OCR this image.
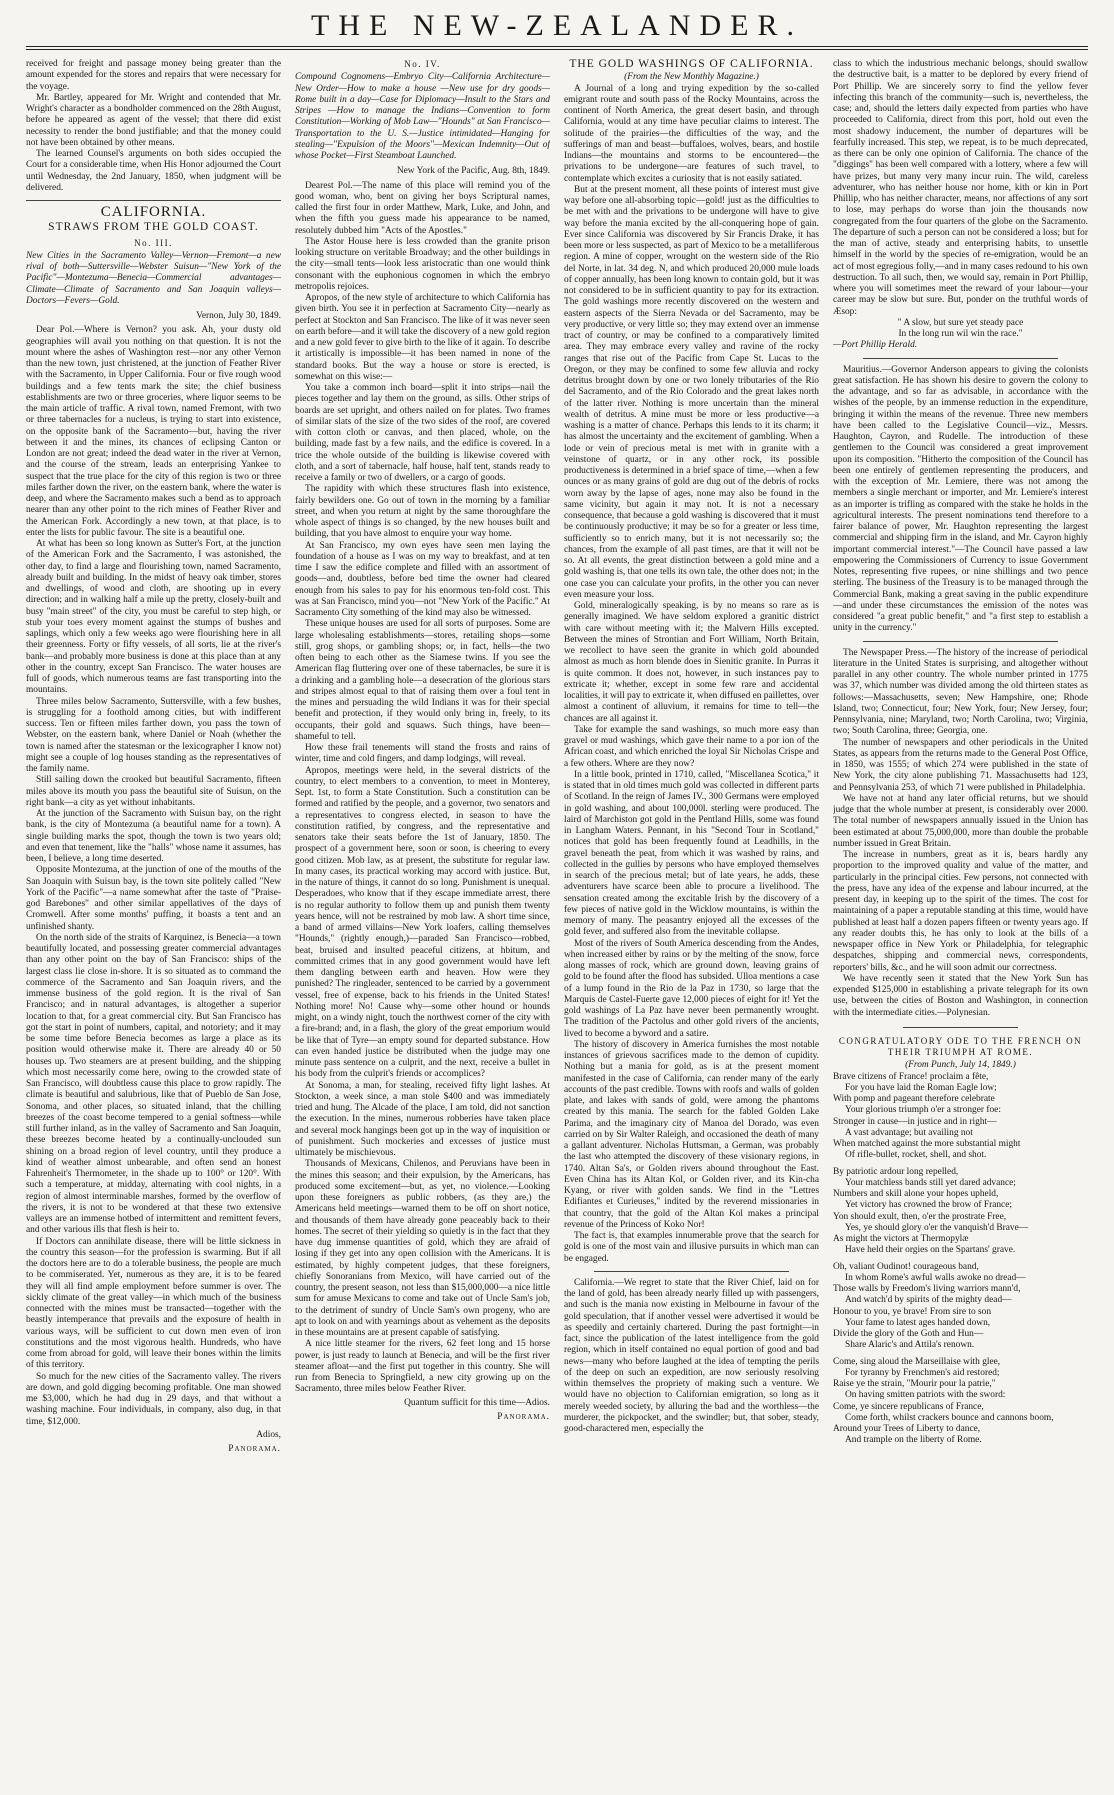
THE NEW-ZEALANDER.

received for freight and passage money being greater than the amount expended for the stores and repairs that were necessary for the voyage.

Mr. Bartley, appeared for Mr. Wright and contended that Mr. Wright's character as a bondholder commenced on the 28th August, before he appeared as agent of the vessel; that there did exist necessity to render the bond justifiable; and that the money could not have been obtained by other means.

The learned Counsel's arguments on both sides occupied the Court for a considerable time, when His Honor adjourned the Court until Wednesday, the 2nd January, 1850, when judgment will be delivered.

CALIFORNIA.
STRAWS FROM THE GOLD COAST.
No. III.

New Cities in the Sacramento Valley—Vernon—Fremont—a new rival of both—Suttersville—Webster Suisun—"New York of the Pacific"—Montezuma—Benecia—Commercial advantages—Climate—Climate of Sacramento and San Joaquin valleys—Doctors—Fevers—Gold.

Vernon, July 30, 1849.

Dear Pol.—Where is Vernon? you ask. Ah, your dusty old geographies will avail you nothing on that question. It is not the mount where the ashes of Washington rest—nor any other Vernon than the new town, just christened, at the junction of Feather River with the Sacramento, in Upper California. Four or five rough wood buildings and a few tents mark the site; the chief business establishments are two or three groceries, where liquor seems to be the main article of traffic. A rival town, named Fremont, with two or three tabernacles for a nucleus, is trying to start into existence, on the opposite bank of the Sacramento—but, having the river between it and the mines, its chances of eclipsing Canton or London are not great; indeed the dead water in the river at Vernon, and the course of the stream, leads an enterprising Yankee to suspect that the true place for the city of this region is two or three miles farther down the river, on the eastern bank, where the water is deep, and where the Sacramento makes such a bend as to approach nearer than any other point to the rich mines of Feather River and the American Fork. Accordingly a new town, at that place, is to enter the lists for public favour. The site is a beautiful one.

At what has been so long known as Sutter's Fort, at the junction of the American Fork and the Sacramento, I was astonished, the other day, to find a large and flourishing town, named Sacramento, already built and building. In the midst of heavy oak timber, stores and dwellings, of wood and cloth, are shooting up in every direction; and in walking half a mile up the pretty, closely-built and busy "main street" of the city, you must be careful to step high, or stub your toes every moment against the stumps of bushes and saplings, which only a few weeks ago were flourishing here in all their greenness. Forty or fifty vessels, of all sorts, lie at the river's bank—and probably more business is done at this place than at any other in the country, except San Francisco. The water houses are full of goods, which numerous teams are fast transporting into the mountains.

Three miles below Sacramento, Suttersville, with a few bushes, is struggling for a foothold among cities, but with indifferent success. Ten or fifteen miles farther down, you pass the town of Webster, on the eastern bank, where Daniel or Noah (whether the town is named after the statesman or the lexicographer I know not) might see a couple of log houses standing as the representatives of the family name.

Still sailing down the crooked but beautiful Sacramento, fifteen miles above its mouth you pass the beautiful site of Suisun, on the right bank—a city as yet without inhabitants.

At the junction of the Sacramento with Suisun bay, on the right bank, is the city of Montezuma (a beautiful name for a town). A single building marks the spot, though the town is two years old; and even that tenement, like the "halls" whose name it assumes, has been, I believe, a long time deserted.

Opposite Montezuma, at the junction of one of the mouths of the San Joaquin with Suisun bay, is the town site politely called "New York of the Pacific"—a name somewhat after the taste of "Praise-god Barebones" and other similar appellatives of the days of Cromwell. After some months' puffing, it boasts a tent and an unfinished shanty.

On the north side of the straits of Karquinez, is Benecia—a town beautifully located, and possessing greater commercial advantages than any other point on the bay of San Francisco: ships of the largest class lie close in-shore. It is so situated as to command the commerce of the Sacramento and San Joaquin rivers, and the immense business of the gold region. It is the rival of San Francisco; and in natural advantages, is altogether a superior location to that, for a great commercial city. But San Francisco has got the start in point of numbers, capital, and notoriety; and it may be some time before Benecia becomes as large a place as its position would otherwise make it. There are already 40 or 50 houses up. Two steamers are at present building, and the shipping which most necessarily come here, owing to the crowded state of San Francisco, will doubtless cause this place to grow rapidly. The climate is beautiful and salubrious, like that of Pueblo de San Jose, Sonoma, and other places, so situated inland, that the chilling breezes of the coast become tempered to a genial softness—while still further inland, as in the valley of Sacramento and San Joaquin, these breezes become heated by a continually-unclouded sun shining on a broad region of level country, until they produce a kind of weather almost unbearable, and often send an honest Fahrenheit's Thermometer, in the shade up to 100° or 120°. With such a temperature, at midday, alternating with cool nights, in a region of almost interminable marshes, formed by the overflow of the rivers, it is not to be wondered at that these two extensive valleys are an immense hotbed of intermittent and remittent fevers, and other various ills that flesh is heir to.

If Doctors can annihilate disease, there will be little sickness in the country this season—for the profession is swarming. But if all the doctors here are to do a tolerable business, the people are much to be commiserated. Yet, numerous as they are, it is to be feared they will all find ample employment before summer is over. The sickly climate of the great valley—in which much of the business connected with the mines must be transacted—together with the beastly intemperance that prevails and the exposure of health in various ways, will be sufficient to cut down men even of iron constitutions and the most vigorous health. Hundreds, who have come from abroad for gold, will leave their bones within the limits of this territory.

So much for the new cities of the Sacramento valley. The rivers are down, and gold digging becoming profitable. One man showed me $3,000, which he had dug in 29 days, and that without a washing machine. Four individuals, in company, also dug, in that time, $12,000.

Adios,

Panorama.

No. IV.

Compound Cognomens—Embryo City—California Architecture—New Order—How to make a house —New use for dry goods—Rome built in a day—Case for Diplomacy—Insult to the Stars and Stripes —How to manage the Indians—Convention to form Constitution—Working of Mob Law—"Hounds" at San Francisco—Transportation to the U. S.—Justice intimidated—Hanging for stealing—"Expulsion of the Moors"—Mexican Indemnity—Out of whose Pocket—First Steamboat Launched.

New York of the Pacific, Aug. 8th, 1849.

Dearest Pol.—The name of this place will remind you of the good woman, who, bent on giving her boys Scriptural names, called the first four in order Matthew, Mark, Luke, and John, and when the fifth you guess made his appearance to be named, resolutely dubbed him "Acts of the Apostles."

The Astor House here is less crowded than the granite prison looking structure on veritable Broadway; and the other buildings in the city—small tents—look less aristocratic than one would think consonant with the euphonious cognomen in which the embryo metropolis rejoices.

Apropos, of the new style of architecture to which California has given birth. You see it in perfection at Sacramento City—nearly as perfect at Stockton and San Francisco. The like of it was never seen on earth before—and it will take the discovery of a new gold region and a new gold fever to give birth to the like of it again. To describe it artistically is impossible—it has been named in none of the standard books. But the way a house or store is erected, is somewhat on this wise:—

You take a common inch board—split it into strips—nail the pieces together and lay them on the ground, as sills. Other strips of boards are set upright, and others nailed on for plates. Two frames of similar slats of the size of the two sides of the roof, are covered with cotton cloth or canvas, and then placed, whole, on the building, made fast by a few nails, and the edifice is covered. In a trice the whole outside of the building is likewise covered with cloth, and a sort of tabernacle, half house, half tent, stands ready to receive a family or two of dwellers, or a cargo of goods.

The rapidity with which these structures flash into existence, fairly bewilders one. Go out of town in the morning by a familiar street, and when you return at night by the same thoroughfare the whole aspect of things is so changed, by the new houses built and building, that you have almost to enquire your way home.

At San Francisco, my own eyes have seen men laying the foundation of a house as I was on my way to breakfast, and at ten time I saw the edifice complete and filled with an assortment of goods—and, doubtless, before bed time the owner had cleared enough from his sales to pay for his enormous ten-fold cost. This was at San Francisco, mind you—not "New York of the Pacific." At Sacramento City something of the kind may also be witnessed.

These unique houses are used for all sorts of purposes. Some are large wholesaling establishments—stores, retailing shops—some still, grog shops, or gambling shops; or, in fact, hells—the two often being to each other as the Siamese twins. If you see the American flag fluttering over one of these tabernacles, be sure it is a drinking and a gambling hole—a desecration of the glorious stars and stripes almost equal to that of raising them over a foul tent in the mines and persuading the wild Indians it was for their special benefit and protection, if they would only bring in, freely, to its occupants, their gold and squaws. Such things, have been—shameful to tell.

How these frail tenements will stand the frosts and rains of winter, time and cold fingers, and damp lodgings, will reveal.

Apropos, meetings were held, in the several districts of the country, to elect members to a convention, to meet in Monterey, Sept. 1st, to form a State Constitution. Such a constitution can be formed and ratified by the people, and a governor, two senators and a representatives to congress elected, in season to have the constitution ratified, by congress, and the representative and senators take their seats before the 1st of January, 1850. The prospect of a government here, soon or soon, is cheering to every good citizen. Mob law, as at present, the substitute for regular law. In many cases, its practical working may accord with justice. But, in the nature of things, it cannot do so long. Punishment is unequal. Desperadoes, who know that if they escape immediate arrest, there is no regular authority to follow them up and punish them twenty years hence, will not be restrained by mob law. A short time since, a band of armed villains—New York loafers, calling themselves "Hounds," (rightly enough,)—paraded San Francisco—robbed, beat, bruised and insulted peaceful citizens, at hbitum, and committed crimes that in any good government would have left them dangling between earth and heaven. How were they punished? The ringleader, sentenced to be carried by a government vessel, free of expense, back to his friends in the United States! Nothing more! No! Cause why—some other hound or hounds might, on a windy night, touch the northwest corner of the city with a fire-brand; and, in a flash, the glory of the great emporium would be like that of Tyre—an empty sound for departed substance. How can even handed justice be distributed when the judge may one minute pass sentence on a culprit, and the next, receive a bullet in his body from the culprit's friends or accomplices?

At Sonoma, a man, for stealing, received fifty light lashes. At Stockton, a week since, a man stole $400 and was immediately tried and hung. The Alcade of the place, I am told, did not sanction the execution. In the mines, numerous robberies have taken place and several mock hangings been got up in the way of inquisition or of punishment. Such mockeries and excesses of justice must ultimately be mischievous.

Thousands of Mexicans, Chilenos, and Peruvians have been in the mines this season; and their expulsion, by the Americans, has produced some excitement—but, as yet, no violence.—Looking upon these foreigners as public robbers, (as they are,) the Americans held meetings—warned them to be off on short notice, and thousands of them have already gone peaceably back to their homes. The secret of their yielding so quietly is in the fact that they have dug immense quantities of gold, which they are afraid of losing if they get into any open collision with the Americans. It is estimated, by highly competent judges, that these foreigners, chiefly Sonoranians from Mexico, will have carried out of the country, the present season, not less than $15,000,000—a nice little sum for amuse Mexicans to come and take out of Uncle Sam's job, to the detriment of sundry of Uncle Sam's own progeny, who are apt to look on and with yearnings about as vehement as the deposits in these mountains are at present capable of satisfying.

A nice little steamer for the rivers, 62 feet long and 15 horse power, is just ready to launch at Benecia, and will be the first river steamer afloat—and the first put together in this country. She will run from Benecia to Springfield, a new city growing up on the Sacramento, three miles below Feather River.

Quantum sufficit for this time—Adios.

Panorama.

THE GOLD WASHINGS OF CALIFORNIA.

(From the New Monthly Magazine.)

A Journal of a long and trying expedition by the so-called emigrant route and south pass of the Rocky Mountains, across the continent of North America, the great desert basin, and through California, would at any time have peculiar claims to interest. The solitude of the prairies—the difficulties of the way, and the sufferings of man and beast—buffaloes, wolves, bears, and hostile Indians—the mountains and storms to be encountered—the privations to be undergone—are features of such travel, to contemplate which excites a curiosity that is not easily satiated.

But at the present moment, all these points of interest must give way before one all-absorbing topic—gold! just as the difficulties to be met with and the privations to be undergone will have to give way before the mania excited by the all-conquering hope of gain. Ever since California was discovered by Sir Francis Drake, it has been more or less suspected, as part of Mexico to be a metalliferous region. A mine of copper, wrought on the western side of the Rio del Norte, in lat. 34 deg. N, and which produced 20,000 mule loads of copper annually, has been long known to contain gold, but it was not considered to be in sufficient quantity to pay for its extraction. The gold washings more recently discovered on the western and eastern aspects of the Sierra Nevada or del Sacramento, may be very productive, or very little so; they may extend over an immense tract of country, or may be confined to a comparatively limited area. They may embrace every valley and ravine of the rocky ranges that rise out of the Pacific from Cape St. Lucas to the Oregon, or they may be confined to some few alluvia and rocky detritus brought down by one or two lonely tributaries of the Rio del Sacramento, and of the Rio Colorado and the great lakes north of the latter river. Nothing is more uncertain than the mineral wealth of detritus. A mine must be more or less productive—a washing is a matter of chance. Perhaps this lends to it its charm; it has almost the uncertainty and the excitement of gambling. When a lode or vein of precious metal is met with in granite with a veinstone of quartz, or in any other rock, its possible productiveness is determined in a brief space of time,—when a few ounces or as many grains of gold are dug out of the debris of rocks worn away by the lapse of ages, none may also be found in the same vicinity, but again it may not. It is not a necessary consequence, that because a gold washing is discovered that it must be continuously productive; it may be so for a greater or less time, sufficiently so to enrich many, but it is not necessarily so; the chances, from the example of all past times, are that it will not be so. At all events, the great distinction between a gold mine and a gold washing is, that one tells its own tale, the other does not; in the one case you can calculate your profits, in the other you can never even measure your loss.

Gold, mineralogically speaking, is by no means so rare as is generally imagined. We have seldom explored a granitic district with care without meeting with it; the Malvern Hills excepted. Between the mines of Strontian and Fort William, North Britain, we recollect to have seen the granite in which gold abounded almost as much as horn blende does in Sienitic granite. In Purras it is quite common. It does not, however, in such instances pay to extricate it; whether, except in some few rare and accidental localities, it will pay to extricate it, when diffused en paillettes, over almost a continent of alluvium, it remains for time to tell—the chances are all against it.

Take for example the sand washings, so much more easy than gravel or mud washings, which gave their name to a por ion of the African coast, and which enriched the loyal Sir Nicholas Crispe and a few others. Where are they now?

In a little book, printed in 1710, called, "Miscellanea Scotica," it is stated that in old times much gold was collected in different parts of Scotland. In the reign of James IV., 300 Germans were employed in gold washing, and about 100,000l. sterling were produced. The laird of Marchiston got gold in the Pentland Hills, some was found in Langham Waters. Pennant, in his "Second Tour in Scotland," notices that gold has been frequently found at Leadhills, in the gravel beneath the peat, from which it was washed by rains, and collected in the gullies by persons who have employed themselves in search of the precious metal; but of late years, he adds, these adventurers have scarce been able to procure a livelihood. The sensation created among the excitable Irish by the discovery of a few pieces of native gold in the Wicklow mountains, is within the memory of many. The peasantry enjoyed all the excesses of the gold fever, and suffered also from the inevitable collapse.

Most of the rivers of South America descending from the Andes, when increased either by rains or by the melting of the snow, force along masses of rock, which are ground down, leaving grains of gold to be found after the flood has subsided. Ulloa mentions a case of a lump found in the Rio de la Paz in 1730, so large that the Marquis de Castel-Fuerte gave 12,000 pieces of eight for it! Yet the gold washings of La Paz have never been permanently wrought. The tradition of the Pactolus and other gold rivers of the ancients, lived to become a byword and a satire.

The history of discovery in America furnishes the most notable instances of grievous sacrifices made to the demon of cupidity. Nothing but a mania for gold, as is at the present moment manifested in the case of California, can render many of the early accounts of the past credible. Towns with roofs and walls of golden plate, and lakes with sands of gold, were among the phantoms created by this mania. The search for the fabled Golden Lake Parima, and the imaginary city of Manoa del Dorado, was even carried on by Sir Walter Raleigh, and occasioned the death of many a gallant adventurer. Nicholas Huttsman, a German, was probably the last who attempted the discovery of these visionary regions, in 1740. Altan Sa's, or Golden rivers abound throughout the East. Even China has its Altan Kol, or Golden river, and its Kin-cha Kyang, or river with golden sands. We find in the "Lettres Edifiantes et Curieuses," indited by the reverend missionaries in that country, that the gold of the Altan Kol makes a principal revenue of the Princess of Koko Nor!

The fact is, that examples innumerable prove that the search for gold is one of the most vain and illusive pursuits in which man can be engaged.

California.—We regret to state that the River Chief, laid on for the land of gold, has been already nearly filled up with passengers, and such is the mania now existing in Melbourne in favour of the gold speculation, that if another vessel were advertised it would be as speedily and certainly chartered. During the past fortnight—in fact, since the publication of the latest intelligence from the gold region, which in itself contained no equal portion of good and bad news—many who before laughed at the idea of tempting the perils of the deep on such an expedition, are now seriously resolving within themselves the propriety of making such a venture. We would have no objection to Californian emigration, so long as it merely weeded society, by alluring the bad and the worthless—the murderer, the pickpocket, and the swindler; but, that sober, steady, good-charactered men, especially the

class to which the industrious mechanic belongs, should swallow the destructive bait, is a matter to be deplored by every friend of Port Phillip. We are sincerely sorry to find the yellow fever infecting this branch of the community—such is, nevertheless, the case; and, should the letters daily expected from parties who have proceeded to California, direct from this port, hold out even the most shadowy inducement, the number of departures will be fearfully increased. This step, we repeat, is to be much deprecated, as there can be only one opinion of California. The chance of the "diggings" has been well compared with a lottery, where a few will have prizes, but many very many incur ruin. The wild, careless adventurer, who has neither house nor home, kith or kin in Port Phillip, who has neither character, means, nor affections of any sort to lose, may perhaps do worse than join the thousands now congregated from the four quarters of the globe on the Sacramento. The departure of such a person can not be considered a loss; but for the man of active, steady and enterprising habits, to unsettle himself in the world by the species of re-emigration, would be an act of most egregious folly,—and in many cases redound to his own destruction. To all such, then, we would say, remain in Port Phillip, where you will sometimes meet the reward of your labour—your career may be slow but sure. But, ponder on the truthful words of Æsop:

" A slow, but sure yet steady pace

In the long run wil win the race."

—Port Phillip Herald.

Mauritius.—Governor Anderson appears to giving the colonists great satisfaction. He has shown his desire to govern the colony to the advantage, and so far as advisable, in accordance with the wishes of the people, by an immense reduction in the expenditure, bringing it within the means of the revenue. Three new members have been called to the Legislative Council—viz., Messrs. Haughton, Cayron, and Rudelle. The introduction of these gentlemen to the Council was considered a great improvement upon its composition. "Hitherto the composition of the Council has been one entirely of gentlemen representing the producers, and with the exception of Mr. Lemiere, there was not among the members a single merchant or importer, and Mr. Lemiere's interest as an importer is trifling as compared with the stake he holds in the agricultural interests. The present nominations tend therefore to a fairer balance of power, Mr. Haughton representing the largest commercial and shipping firm in the island, and Mr. Cayron highly important commercial interest."—The Council have passed a law empowering the Commissioners of Currency to issue Government Notes, representing five rupees, or nine shillings and two pence sterling. The business of the Treasury is to be managed through the Commercial Bank, making a great saving in the public expenditure—and under these circumstances the emission of the notes was considered "a great public benefit," and "a first step to establish a unity in the currency."

The Newspaper Press.—The history of the increase of periodical literature in the United States is surprising, and altogether without parallel in any other country. The whole number printed in 1775 was 37, which number was divided among the old thirteen states as follows:—Massachusetts, seven; New Hampshire, one; Rhode Island, two; Connecticut, four; New York, four; New Jersey, four; Pennsylvania, nine; Maryland, two; North Carolina, two; Virginia, two; South Carolina, three; Georgia, one.

The number of newspapers and other periodicals in the United States, as appears from the returns made to the General Post Office, in 1850, was 1555; of which 274 were published in the state of New York, the city alone publishing 71. Massachusetts had 123, and Pennsylvania 253, of which 71 were published in Philadelphia.

We have not at hand any later official returns, but we should judge that the whole number at present, is considerably over 2000. The total number of newspapers annually issued in the Union has been estimated at about 75,000,000, more than double the probable number issued in Great Britain.

The increase in numbers, great as it is, bears hardly any proportion to the improved quality and value of the matter, and particularly in the principal cities. Few persons, not connected with the press, have any idea of the expense and labour incurred, at the present day, in keeping up to the spirit of the times. The cost for maintaining of a paper a reputable standing at this time, would have published at least half a dozen papers fifteen or twenty years ago. If any reader doubts this, he has only to look at the bills of a newspaper office in New York or Philadelphia, for telegraphic despatches, shipping and commercial news, correspondents, reporters' bills, &c., and he will soon admit our correctness.

We have recently seen it stated that the New York Sun has expended $125,000 in establishing a private telegraph for its own use, between the cities of Boston and Washington, in connection with the intermediate cities.—Polynesian.

CONGRATULATORY ODE TO THE FRENCH ON THEIR TRIUMPH AT ROME.

(From Punch, July 14, 1849.)

Brave citizens of France! proclaim a fête,

For you have laid the Roman Eagle low;

With pomp and pageant therefore celebrate

Your glorious triumph o'er a stronger foe:

Stronger in cause—in justice and in right—

A vast advantage; but availing not

When matched against the more substantial might

Of rifle-bullet, rocket, shell, and shot.

By patriotic ardour long repelled,

Your matchless bands still yet dared advance;

Numbers and skill alone your hopes upheld,

Yet victory has crowned the brow of France;

Yon should exult, then, o'er the prostrate Free,

Yes, ye should glory o'er the vanquish'd Brave—

As might the victors at Thermopylæ

Have held their orgies on the Spartans' grave.

Oh, valiant Oudinot! courageous band,

In whom Rome's awful walls awoke no dread—

Those walls by Freedom's living warriors mann'd,

And watch'd by spirits of the mighty dead—

Honour to you, ye brave! From sire to son

Your fame to latest ages handed down,

Divide the glory of the Goth and Hun—

Share Alaric's and Attila's renown.

Come, sing aloud the Marseillaise with glee,

For tyranny by Frenchmen's aid restored;

Raise ye the strain, "Mourir pour la patrie,"

On having smitten patriots with the sword:

Come, ye sincere republicans of France,

Come forth, whilst crackers bounce and cannons boom,

Around your Trees of Liberty to dance,

And trample on the liberty of Rome.
